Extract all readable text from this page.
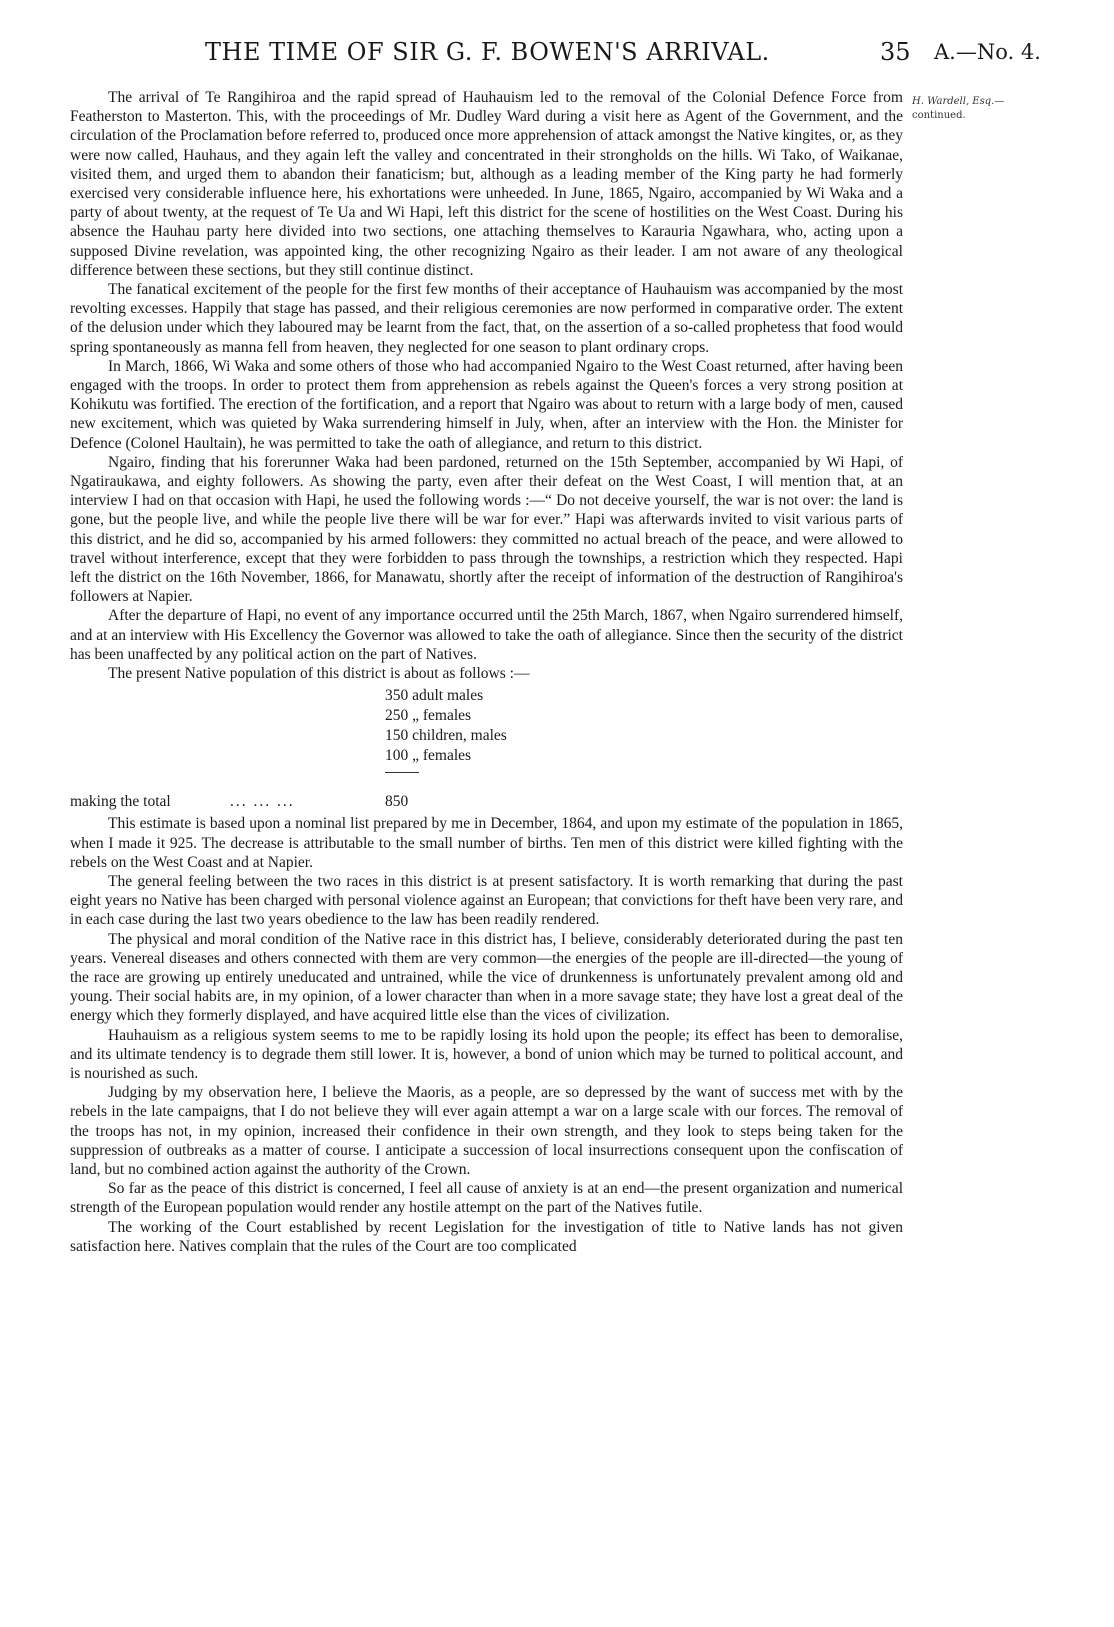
THE TIME OF SIR G. F. BOWEN'S ARRIVAL.	35 A.—No. 4.
H. Wardell, Esq.—
continued.

The arrival of Te Rangihiroa and the rapid spread of Hauhauism led to the removal of the Colonial Defence Force from Featherston to Masterton. This, with the proceedings of Mr. Dudley Ward during a visit here as Agent of the Government, and the circulation of the Proclamation before referred to, produced once more apprehension of attack amongst the Native kingites, or, as they were now called, Hauhaus, and they again left the valley and concentrated in their strongholds on the hills. Wi Tako, of Waikanae, visited them, and urged them to abandon their fanaticism; but, although as a leading member of the King party he had formerly exercised very considerable influence here, his exhortations were unheeded. In June, 1865, Ngairo, accompanied by Wi Waka and a party of about twenty, at the request of Te Ua and Wi Hapi, left this district for the scene of hostilities on the West Coast. During his absence the Hauhau party here divided into two sections, one attaching themselves to Karauria Ngawhara, who, acting upon a supposed Divine revelation, was appointed king, the other recognizing Ngairo as their leader. I am not aware of any theological difference between these sections, but they still continue distinct.

The fanatical excitement of the people for the first few months of their acceptance of Hauhauism was accompanied by the most revolting excesses. Happily that stage has passed, and their religious ceremonies are now performed in comparative order. The extent of the delusion under which they laboured may be learnt from the fact, that, on the assertion of a so-called prophetess that food would spring spontaneously as manna fell from heaven, they neglected for one season to plant ordinary crops.

In March, 1866, Wi Waka and some others of those who had accompanied Ngairo to the West Coast returned, after having been engaged with the troops. In order to protect them from apprehension as rebels against the Queen's forces a very strong position at Kohikutu was fortified. The erection of the fortification, and a report that Ngairo was about to return with a large body of men, caused new excitement, which was quieted by Waka surrendering himself in July, when, after an interview with the Hon. the Minister for Defence (Colonel Haultain), he was permitted to take the oath of allegiance, and return to this district.

Ngairo, finding that his forerunner Waka had been pardoned, returned on the 15th September, accompanied by Wi Hapi, of Ngatiraukawa, and eighty followers. As showing the party, even after their defeat on the West Coast, I will mention that, at an interview I had on that occasion with Hapi, he used the following words :—“ Do not deceive yourself, the war is not over: the land is gone, but the people live, and while the people live there will be war for ever.” Hapi was afterwards invited to visit various parts of this district, and he did so, accompanied by his armed followers: they committed no actual breach of the peace, and were allowed to travel without interference, except that they were forbidden to pass through the townships, a restriction which they respected. Hapi left the district on the 16th November, 1866, for Manawatu, shortly after the receipt of information of the destruction of Rangihiroa's followers at Napier.

After the departure of Hapi, no event of any importance occurred until the 25th March, 1867, when Ngairo surrendered himself, and at an interview with His Excellency the Governor was allowed to take the oath of allegiance. Since then the security of the district has been unaffected by any political action on the part of Natives.

The present Native population of this district is about as follows :—

350 adult males
250 „ females
150 children, males
100 „ females
making the total	... ... ...	850

This estimate is based upon a nominal list prepared by me in December, 1864, and upon my estimate of the population in 1865, when I made it 925. The decrease is attributable to the small number of births. Ten men of this district were killed fighting with the rebels on the West Coast and at Napier.

The general feeling between the two races in this district is at present satisfactory. It is worth remarking that during the past eight years no Native has been charged with personal violence against an European; that convictions for theft have been very rare, and in each case during the last two years obedience to the law has been readily rendered.

The physical and moral condition of the Native race in this district has, I believe, considerably deteriorated during the past ten years. Venereal diseases and others connected with them are very common—the energies of the people are ill-directed—the young of the race are growing up entirely uneducated and untrained, while the vice of drunkenness is unfortunately prevalent among old and young. Their social habits are, in my opinion, of a lower character than when in a more savage state; they have lost a great deal of the energy which they formerly displayed, and have acquired little else than the vices of civilization.

Hauhauism as a religious system seems to me to be rapidly losing its hold upon the people; its effect has been to demoralise, and its ultimate tendency is to degrade them still lower. It is, however, a bond of union which may be turned to political account, and is nourished as such.

Judging by my observation here, I believe the Maoris, as a people, are so depressed by the want of success met with by the rebels in the late campaigns, that I do not believe they will ever again attempt a war on a large scale with our forces. The removal of the troops has not, in my opinion, increased their confidence in their own strength, and they look to steps being taken for the suppression of outbreaks as a matter of course. I anticipate a succession of local insurrections consequent upon the confiscation of land, but no combined action against the authority of the Crown.

So far as the peace of this district is concerned, I feel all cause of anxiety is at an end—the present organization and numerical strength of the European population would render any hostile attempt on the part of the Natives futile.

The working of the Court established by recent Legislation for the investigation of title to Native lands has not given satisfaction here. Natives complain that the rules of the Court are too complicated
